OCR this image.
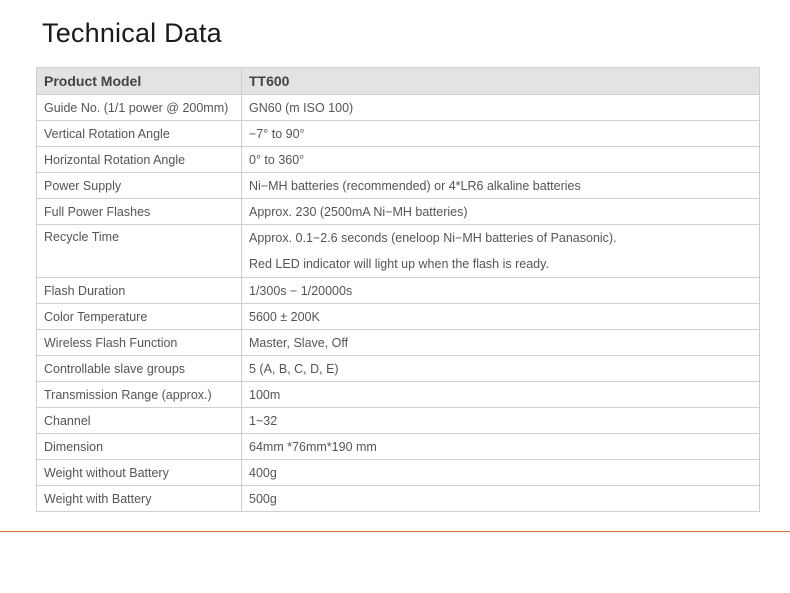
Technical Data
Product Model	TT600
Guide No. (1/1 power @ 200mm)	GN60 (m ISO 100)
Vertical Rotation Angle	−7° to 90°
Horizontal Rotation Angle	0° to 360°
Power Supply	Ni−MH batteries (recommended) or 4*LR6 alkaline batteries
Full Power Flashes	Approx. 230 (2500mA Ni−MH batteries)
Recycle Time	Approx. 0.1−2.6 seconds (eneloop Ni−MH batteries of Panasonic).
Red LED indicator will light up when the flash is ready.

Flash Duration	1/300s − 1/20000s
Color Temperature	5600 ± 200K
Wireless Flash Function	Master, Slave, Off
Controllable slave groups	5 (A, B, C, D, E)
Transmission Range (approx.)	100m
Channel	1~32
Dimension	64mm *76mm*190 mm
Weight without Battery	400g
Weight with Battery	500g
